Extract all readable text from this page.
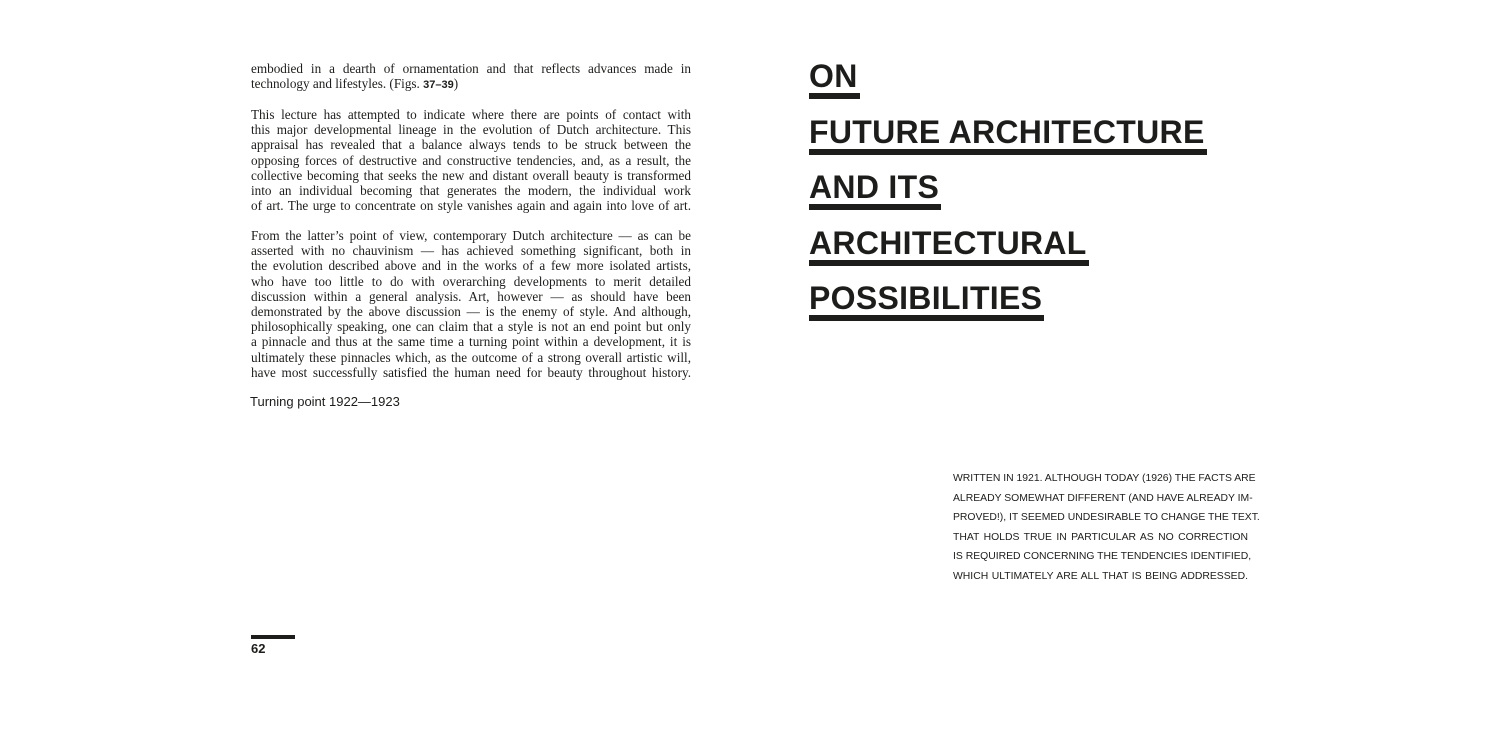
embodied in a dearth of ornamentation and that reflects advances made in
technology and lifestyles. (Figs. 37–39)
This lecture has attempted to indicate where there are points of contact with
this major developmental lineage in the evolution of Dutch architecture. This
appraisal has revealed that a balance always tends to be struck between the
opposing forces of destructive and constructive tendencies, and, as a result, the
collective becoming that seeks the new and distant overall beauty is transformed
into an individual becoming that generates the modern, the individual work
of art. The urge to concentrate on style vanishes again and again into love of art.
From the latter’s point of view, contemporary Dutch architecture — as can be
asserted with no chauvinism — has achieved something significant, both in
the evolution described above and in the works of a few more isolated artists,
who have too little to do with overarching developments to merit detailed
discussion within a general analysis. Art, however — as should have been
demonstrated by the above discussion — is the enemy of style. And although,
philosophically speaking, one can claim that a style is not an end point but only
a pinnacle and thus at the same time a turning point within a development, it is
ultimately these pinnacles which, as the outcome of a strong overall artistic will,
have most successfully satisfied the human need for beauty throughout history.
Turning point 1922—1923
62
ON
FUTURE ARCHITECTURE
AND ITS
ARCHITECTURAL
POSSIBILITIES
WRITTEN IN 1921. ALTHOUGH TODAY (1926) THE FACTS ARE
ALREADY SOMEWHAT DIFFERENT (AND HAVE ALREADY IM-
PROVED!), IT SEEMED UNDESIRABLE TO CHANGE THE TEXT.
THAT HOLDS TRUE IN PARTICULAR AS NO CORRECTION
IS REQUIRED CONCERNING THE TENDENCIES IDENTIFIED,
WHICH ULTIMATELY ARE ALL THAT IS BEING ADDRESSED.
